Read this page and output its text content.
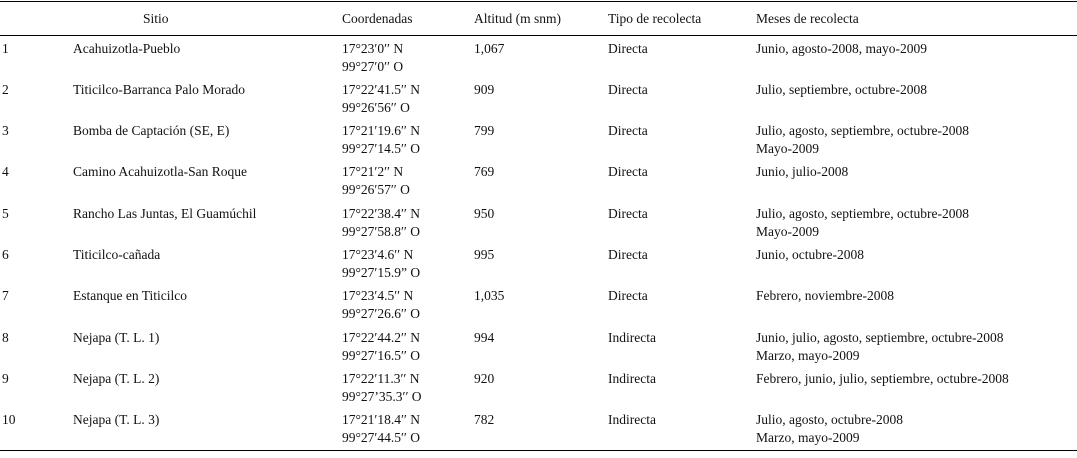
	Sitio	Coordenadas	Altitud (m snm)	Tipo de recolecta	Meses de recolecta
1	Acahuizotla-Pueblo	17°23′0′′ N
99°27′0′′ O	1,067	Directa	Junio, agosto-2008, mayo-2009

2	Titicilco-Barranca Palo Morado	17°22′41.5′′ N
99°26′56′′ O	909	Directa	Julio, septiembre, octubre-2008

3	Bomba de Captación (SE, E)	17°21′19.6′′ N
99°27′14.5′′ O	799	Directa	Julio, agosto, septiembre, octubre-2008
Mayo-2009

4	Camino Acahuizotla-San Roque	17°21′2′′ N
99°26′57′′ O	769	Directa	Junio, julio-2008

5	Rancho Las Juntas, El Guamúchil	17°22′38.4′′ N
99°27′58.8′′ O	950	Directa	Julio, agosto, septiembre, octubre-2008
Mayo-2009

6	Titicilco-cañada	17°23′4.6′′ N
99°27′15.9” O	995	Directa	Junio, octubre-2008

7	Estanque en Titicilco	17°23′4.5′′ N
99°27′26.6′′ O	1,035	Directa	Febrero, noviembre-2008

8	Nejapa (T. L. 1)	17°22′44.2′′ N
99°27′16.5′′ O	994	Indirecta	Junio, julio, agosto, septiembre, octubre-2008
Marzo, mayo-2009

9	Nejapa (T. L. 2)	17°22′11.3′′ N
99°27’35.3′′ O	920	Indirecta	Febrero, junio, julio, septiembre, octubre-2008

10	Nejapa (T. L. 3)	17°21′18.4′′ N
99°27′44.5′′ O	782	Indirecta	Julio, agosto, octubre-2008
Marzo, mayo-2009
